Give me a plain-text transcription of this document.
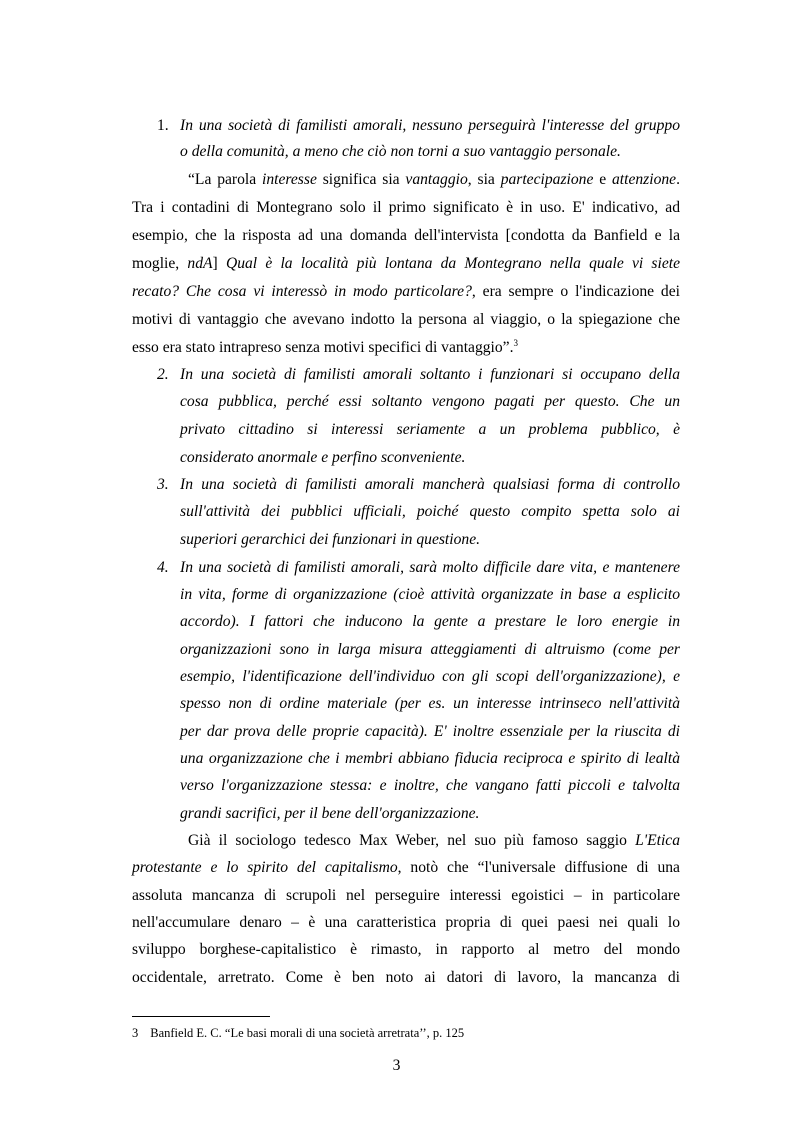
1. In una società di familisti amorali, nessuno perseguirà l'interesse del gruppo
o della comunità, a meno che ciò non torni a suo vantaggio personale.
“La parola interesse significa sia vantaggio, sia partecipazione e attenzione.
Tra i contadini di Montegrano solo il primo significato è in uso. E' indicativo, ad
esempio, che la risposta ad una domanda dell'intervista [condotta da Banfield e la
moglie, ndA] Qual è la località più lontana da Montegrano nella quale vi siete
recato? Che cosa vi interessò in modo particolare?, era sempre o l'indicazione dei
motivi di vantaggio che avevano indotto la persona al viaggio, o la spiegazione che
esso era stato intrapreso senza motivi specifici di vantaggio”.$^3$
2. In una società di familisti amorali soltanto i funzionari si occupano della
cosa pubblica, perché essi soltanto vengono pagati per questo. Che un
privato cittadino si interessi seriamente a un problema pubblico, è
considerato anormale e perfino sconveniente.
3. In una società di familisti amorali mancherà qualsiasi forma di controllo
sull'attività dei pubblici ufficiali, poiché questo compito spetta solo ai
superiori gerarchici dei funzionari in questione.
4. In una società di familisti amorali, sarà molto difficile dare vita, e mantenere
in vita, forme di organizzazione (cioè attività organizzate in base a esplicito
accordo). I fattori che inducono la gente a prestare le loro energie in
organizzazioni sono in larga misura atteggiamenti di altruismo (come per
esempio, l'identificazione dell'individuo con gli scopi dell'organizzazione), e
spesso non di ordine materiale (per es. un interesse intrinseco nell'attività
per dar prova delle proprie capacità). E' inoltre essenziale per la riuscita di
una organizzazione che i membri abbiano fiducia reciproca e spirito di lealtà
verso l'organizzazione stessa: e inoltre, che vangano fatti piccoli e talvolta
grandi sacrifici, per il bene dell'organizzazione.
Già il sociologo tedesco Max Weber, nel suo più famoso saggio L'Etica
protestante e lo spirito del capitalismo, notò che “l'universale diffusione di una
assoluta mancanza di scrupoli nel perseguire interessi egoistici – in particolare
nell'accumulare denaro – è una caratteristica propria di quei paesi nei quali lo
sviluppo borghese-capitalistico è rimasto, in rapporto al metro del mondo
occidentale, arretrato. Come è ben noto ai datori di lavoro, la mancanza di
3 Banfield E. C. “Le basi morali di una società arretrata’’, p. 125
3
